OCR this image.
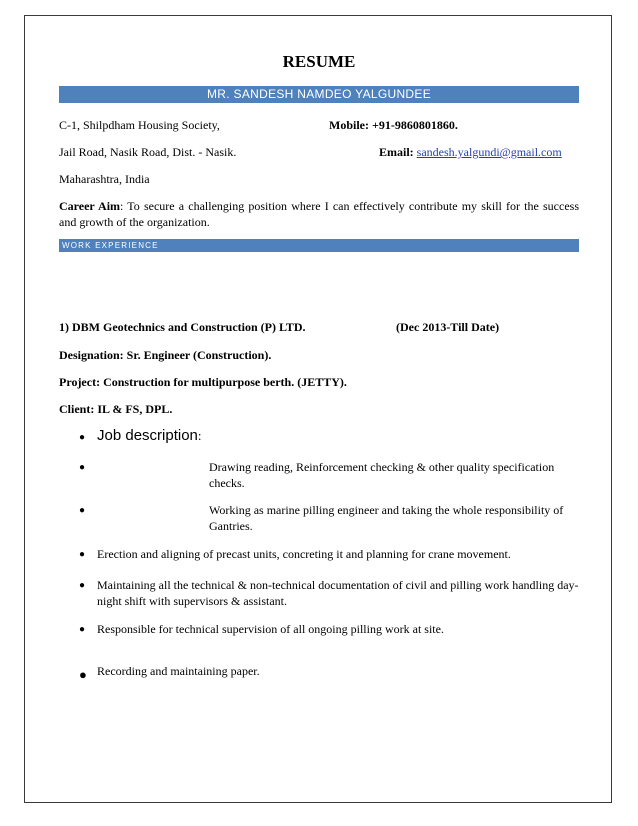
RESUME
MR. SANDESH NAMDEO YALGUNDEE
C-1, Shilpdham Housing Society,	Mobile: +91-9860801860.
Jail Road, Nasik Road, Dist. - Nasik.	Email: sandesh.yalgundi@gmail.com
Maharashtra, India
Career Aim: To secure a challenging position where I can effectively contribute my skill for the success and growth of the organization.
WORK EXPERIENCE
1) DBM Geotechnics and Construction (P) LTD.	(Dec 2013-Till Date)
Designation: Sr. Engineer (Construction).
Project: Construction for multipurpose berth. (JETTY).
Client: IL & FS, DPL.
● Job description:
●	Drawing reading, Reinforcement checking & other quality specification checks.
●	Working as marine pilling engineer and taking the whole responsibility of Gantries.
● Erection and aligning of precast units, concreting it and planning for crane movement.
● Maintaining all the technical & non-technical documentation of civil and pilling work handling day-night shift with supervisors & assistant.
● Responsible for technical supervision of all ongoing pilling work at site.
● Recording and maintaining paper.
